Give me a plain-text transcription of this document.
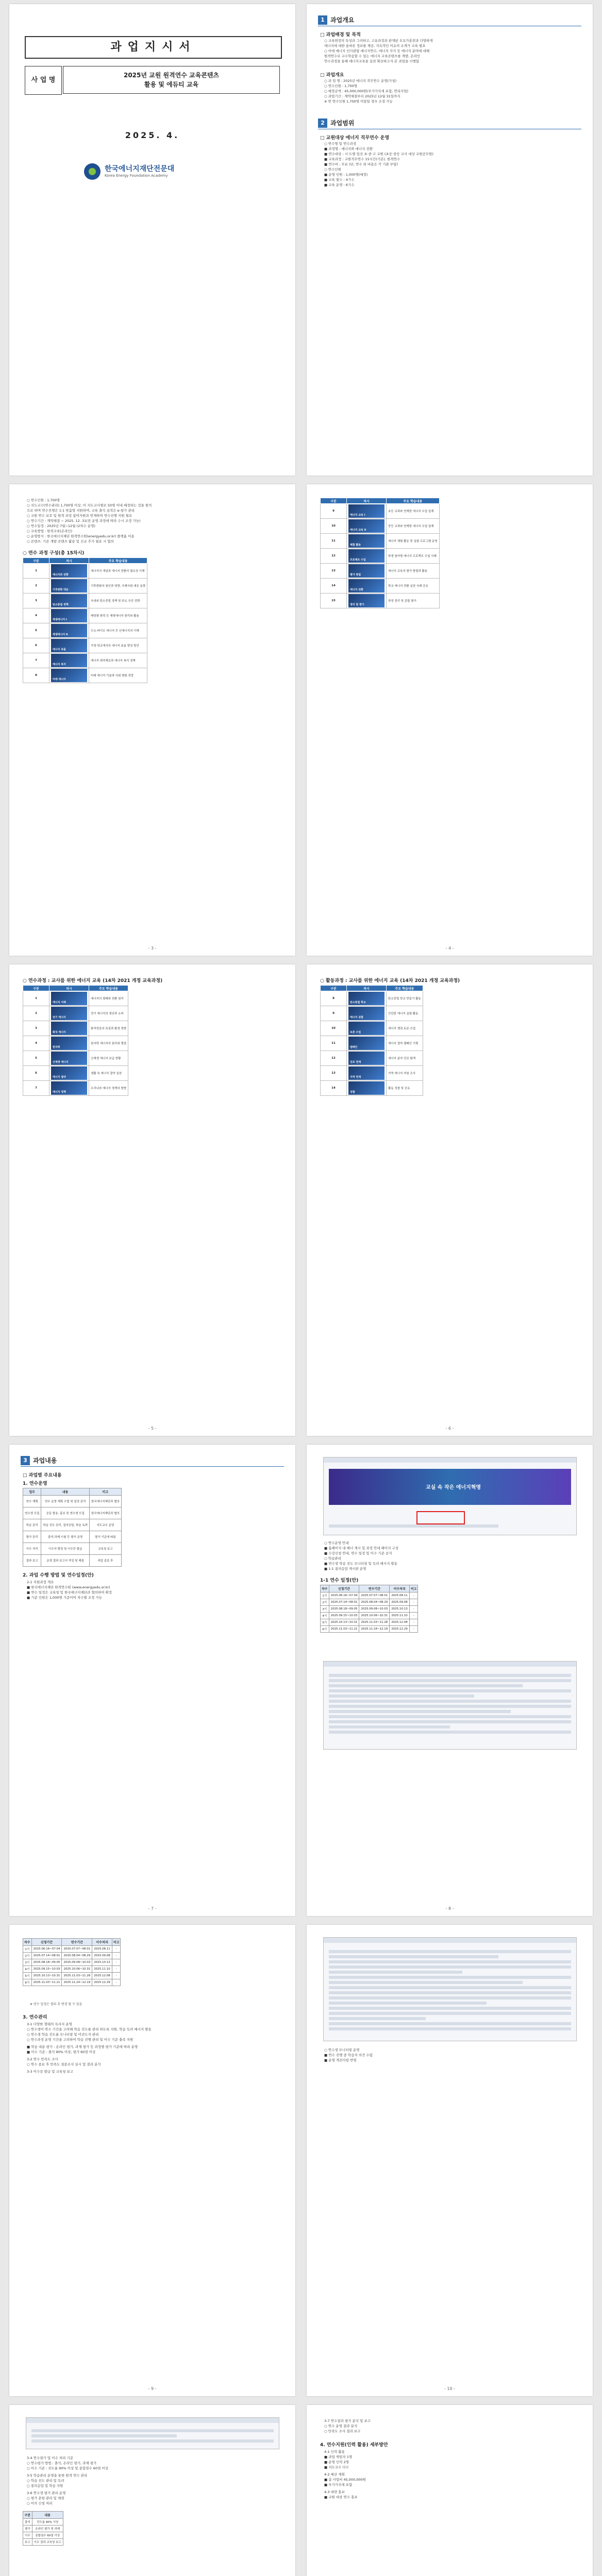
과업지시서
사 업 명
2025년 교원 원격연수 교육콘텐츠
활용 및 에듀티 교육
2025. 4.
한국에너지재단전문대
Korea Energy Foundation Academy
1 과업개요
□ 과업배경 및 목적
○ 교육현장의 특성과 그러하고, 고유과정과 관계된 오프가훈련과 다양하게
에너지에 대한 올바른 정보를 제공, 지속적인 이슈의 소개가 교육 필요
○ 이에 에너지 인사관람 에너지연수, 에너지 지식 등 에너지 분야에 대해
원격연수로 교수학습할 수 있는 에너지 교육콘텐츠를 개발, 온라인
연수과정을 통해 에너지교육을 실천 확산하고자 본 과업을 시행함
□ 과업개요
○ 과 업 명 : 2025년 에너지 직무연수 운영(가칭)
○ 연수인원 : 1,700명
○ 예정금액 : 45,000,000원(부가가치세 포함, 연리사업)
○ 과업기간 : 계약체결부터 2025년 12월 31일까지
※ 연 연수인원 1,700명 미달일 경우 조정 가능
2 과업범위
□ 교원대상 에너지 직무연수 운영
○ 연수명 및 연수과정
■ 과정명 : 에너지와 에너지 전환
■ 연수대상 : 시·도별 일선 초·중·고 교원 (초등·중등 교사 대상 교원공무원)
■ 교육과정 : 교원직무연수 15시간(기본), 원격연수
■ 연수비 : 무료 (단, 연수 외 비용은 각 기관 부담)
○ 연수인원
■ 운영 인원 : 1,000명(예정)
■ 교육 횟수 : 4기수
■ 교육 운영 : 6기수
○ 연수인원 : 1,700명
○ 지도교수(연수관리) 1,700명 이상, 이 지도교사별로 50명 이내 배정하는 것을 원칙
으로 하며 연수진행은 1:1 맞춤형 지원하며, 교육 출석 실적은 e-평가 관리
○ 교원 연수 보호 및 원격 과정 참여자원과 연계하여 연수진행 지원 필요
○ 연수기간 : 계약체결 ~ 2025. 12. 31(전 운영 과정에 따라 수시 조정 가능)
○ 연수일정 : 2025년 7월~12월 (2차수 운영)
○ 교육방법 : 원격교육(온라인)
○ 운영방식 : 한국에너지재단 원격연수원(energyedu.or.kr) 플랫폼 이용
○ 콘텐츠: 기존 개발 콘텐츠 활용 및 신규 추가 필요 시 협의
○ 연수 과정 구성(총 15차시)
구분	차시	주요 학습내용
1	에너지와 전환	에너지의 개념과 에너지 전환의 필요성 이해
2	기후변화 대응	기후변화의 원인과 영향, 국제사회 대응 동향
3	탄소중립 정책	국내외 탄소중립 정책 및 주요 추진 전략
4	재생에너지 I	태양광·풍력 등 재생에너지 원리와 활용
5	재생에너지 II	수소·바이오 에너지 등 신에너지의 이해
6	에너지 효율	가정·학교에서의 에너지 효율 향상 방안
7	에너지 복지	에너지 취약계층과 에너지 복지 정책
8	미래 에너지	미래 에너지 기술과 사회 변화 전망
- 3 -
구분	차시	주요 학습내용
9	에너지 교육 I	초등 교과와 연계한 에너지 수업 설계
10	에너지 교육 II	중등 교과와 연계한 에너지 수업 설계
11	체험 활동	에너지 체험 활동 및 실험 프로그램 운영
12	프로젝트 수업	학생 참여형 에너지 프로젝트 수업 사례
13	평가 방법	에너지 교육의 평가 방법과 활용
14	에너지 전환	학교 에너지 전환 실천 사례 공유
15	정리 및 평가	과정 정리 및 종합 평가
- 4 -
○ 연수과정 : 교사를 위한 에너지 교육 (14차 2021 개정 교육과정)
구분	차시	주요 학습내용
1	에너지 이해	에너지의 형태와 전환 원리
2	전기 에너지	전기 에너지의 생산과 소비
3	화석 에너지	화석연료의 특징과 환경 영향
4	원자력	원자력 에너지의 원리와 쟁점
5	신재생 에너지	신재생 에너지 보급 현황
6	에너지 절약	생활 속 에너지 절약 실천
7	에너지 정책	우리나라 에너지 정책의 방향
- 5 -
○ 활동과정 : 교사를 위한 에너지 교육 (14차 2021 개정 교육과정)
구분	차시	주요 학습내용
8	탄소중립 학교	탄소중립 학교 만들기 활동
9	에너지 실험	간단한 에너지 실험 활동
10	토론 수업	에너지 쟁점 토론 수업
11	캠페인	에너지 절약 캠페인 기획
12	진로 연계	에너지 분야 진로 탐색
13	지역 연계	지역 에너지 자원 조사
14	성찰	활동 성찰 및 공유
- 6 -
3 과업내용
□ 과업별 주요내용
1. 연수운영
업무	내용	비고
연수 계획	연수 운영 계획 수립 및 일정 관리	한국에너지재단과 협의
연수생 모집	공문 발송, 홍보 및 연수생 모집	한국에너지재단과 협의
학습 관리	학습 진도 관리, 질의응답, 학습 독려	지도교수 운영
평가 관리	출석·과제·시험 등 평가 운영	평가 기준에 따름
이수 처리	이수자 확정 및 이수증 발급	교육청 보고
결과 보고	운영 결과 보고서 작성 및 제출	과업 종료 후
2. 과업 수행 방법 및 연수일정(안)
2-1 지원과정 개요
■ 한국에너지재단 원격연수원 (www.energyedu.or.kr)
■ 연수 일정은 교육청 및 한국에너지재단과 협의하여 확정
■ 기준 인원은 1,000명 기준이며 차수별 조정 가능
- 7 -
교실 속 작은 에너지혁명
○ 연수운영 안내
■ 홈페이지 내 배너 게시 및 과정 안내 페이지 구성
■ 수강신청 안내, 연수 일정 및 이수 기준 공지
○ 학습관리
■ 연수생 학습 진도 모니터링 및 독려 메시지 발송
■ 1:1 질의응답 게시판 운영
1-1 연수 일정(안)
차수	신청기간	연수기간	이수처리	비고
1기	2025.06.16~07.04	2025.07.07~08.01	2025.08.11	-
2기	2025.07.14~08.01	2025.08.04~08.29	2025.09.08	-
3기	2025.08.18~09.05	2025.09.08~10.03	2025.10.13	-
4기	2025.09.15~10.03	2025.10.06~10.31	2025.11.10	-
5기	2025.10.13~10.31	2025.11.03~11.28	2025.12.08	-
6기	2025.11.03~11.21	2025.11.24~12.19	2025.12.29	-
- 8 -
차수	신청기간	연수기간	이수처리	비고
1기	2025.06.16~07.04	2025.07.07~08.01	2025.08.11	-
2기	2025.07.14~08.01	2025.08.04~08.29	2025.09.08	-
3기	2025.08.18~09.05	2025.09.08~10.03	2025.10.13	-
4기	2025.09.15~10.03	2025.10.06~10.31	2025.11.10	-
5기	2025.10.13~10.31	2025.11.03~11.28	2025.12.08	-
6기	2025.11.03~11.21	2025.11.24~12.19	2025.12.29	-
※ 연수 일정은 협의 후 변경 될 수 있음
3. 연수관리
3-1 다양한 형태의 독서지 운영
○ 연수생이 연수 기간을 고려해 학습 진도를 관리 하도록 지원, 학습 독려 메시지 발송
○ 연수생 학습 진도율 모니터링 및 미진도자 관리
○ 연수과정 운영 기간을 고려하여 학습 진행 관리 및 이수 기준 충족 지원
■ 학습 내용 평가 : 온라인 평가, 과제 평가 등 과정별 평가 기준에 따라 운영
■ 이수 기준 : 출석 90% 이상, 평가 60점 이상
3-2 연수 만족도 조사
○ 연수 종료 후 만족도 설문조사 실시 및 결과 분석
3-3 이수증 발급 및 교육청 보고
- 9 -
○ 연수생 모니터링 운영
■ 연수 진행 중 학습자 의견 수렴
■ 운영 개선사항 반영
- 10 -
3-4 연수평가 및 이수 처리 기준
○ 연수평가 방법 : 출석, 온라인 평가, 과제 평가
○ 이수 기준 : 진도율 90% 이상 및 종합점수 60점 이상
3-5 학습관리 운영을 통한 원격 연수 관리
○ 학습 진도 관리 및 독려
○ 질의응답 및 학습 지원
3-6 연수생 평가 관리 운영
○ 평가 문항 관리 및 채점
○ 이의 신청 처리
구분	내용
출석	진도율 90% 이상
평가	온라인 평가 및 과제
이수	종합점수 60점 이상
보고	이수 결과 교육청 보고
3-7 연수결과 평가 분석 및 보고
○ 연수 운영 결과 분석
○ 만족도 조사 결과 보고
4. 연수지원(인력 활용) 세부방안
4-1 인력 활용
■ 과업 책임자 1명
■ 운영 인력 2명
■ 지도교수 다수
4-2 예산 계획
■ 총 사업비 45,000,000원
■ 부가가치세 포함
4-3 대면 홍보
■ 교원 대상 연수 홍보
